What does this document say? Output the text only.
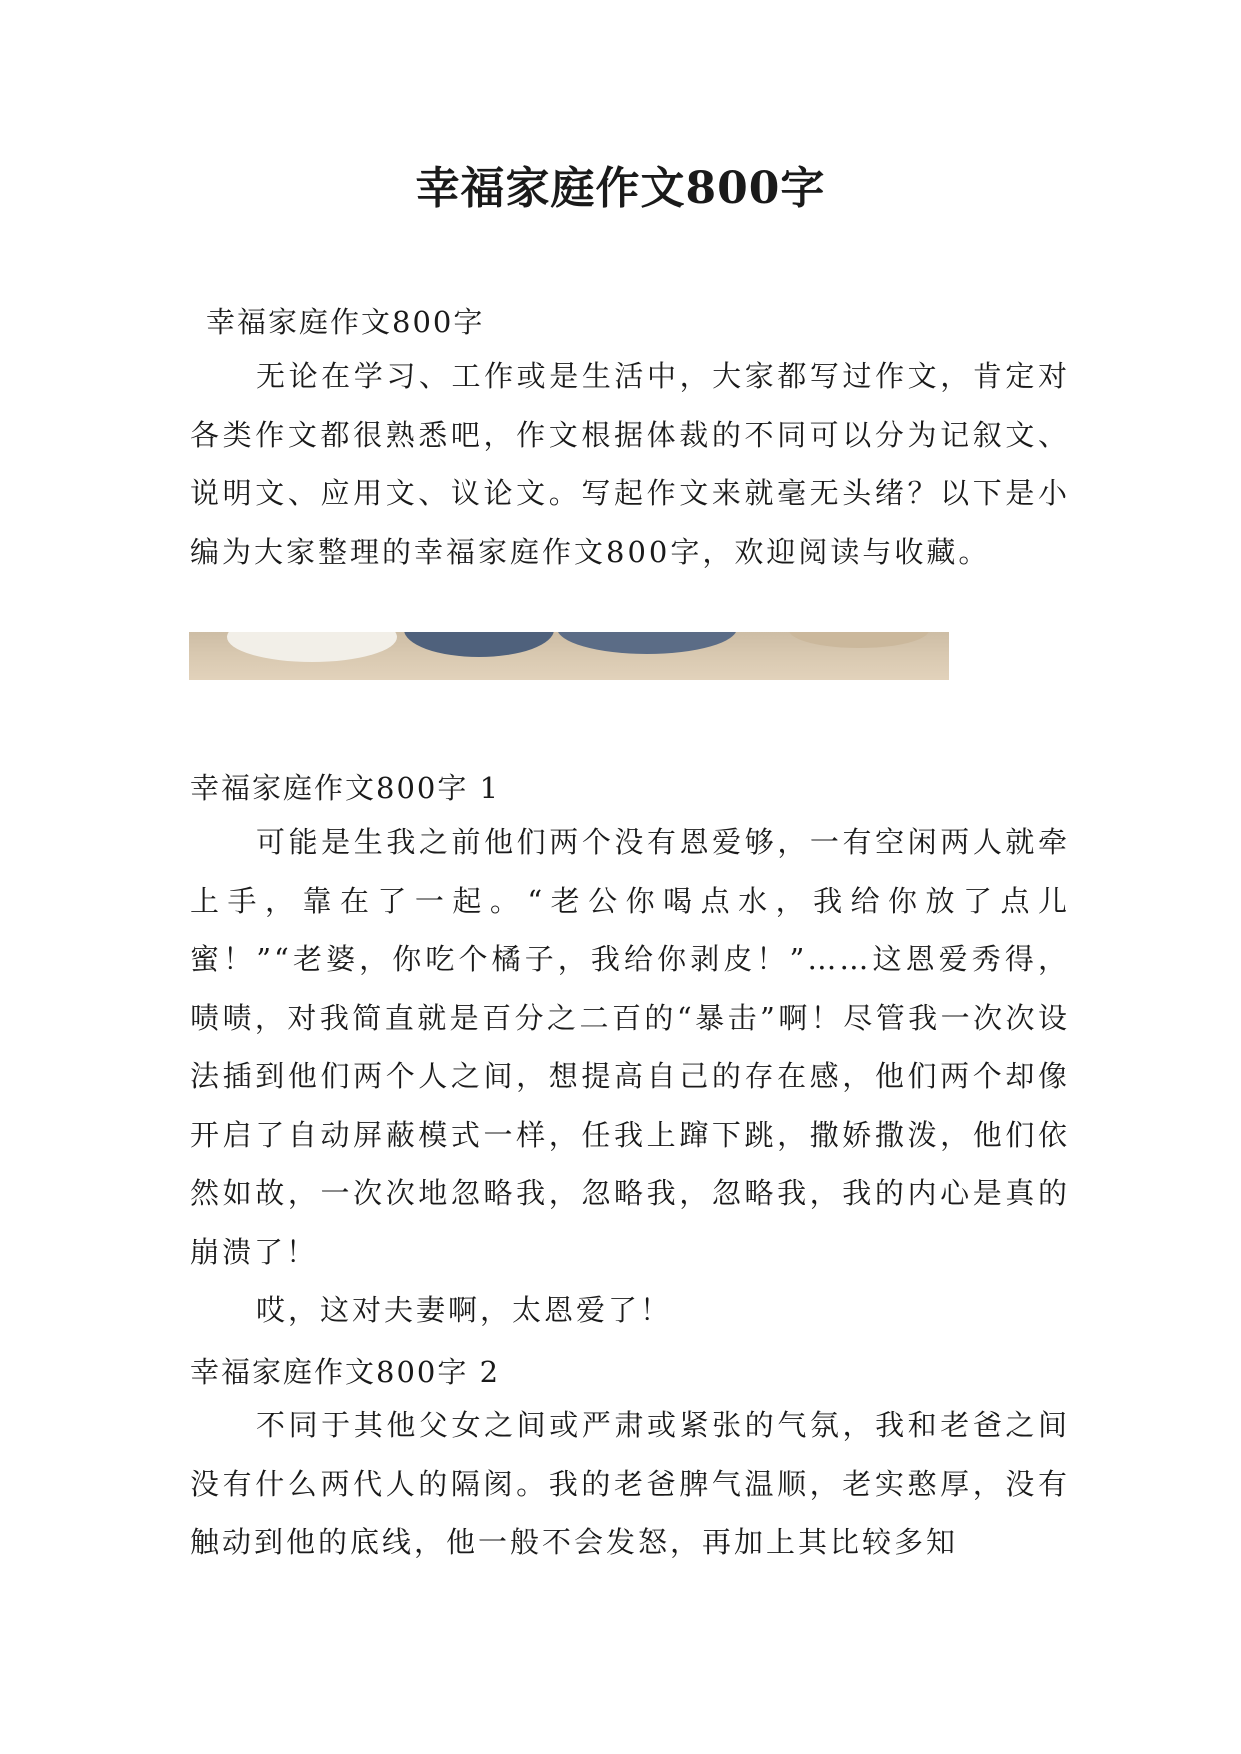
幸福家庭作文800字
幸福家庭作文800字

无论在学习、工作或是生活中，大家都写过作文，肯定对各类作文都很熟悉吧，作文根据体裁的不同可以分为记叙文、说明文、应用文、议论文。写起作文来就毫无头绪？以下是小编为大家整理的幸福家庭作文800字，欢迎阅读与收藏。

幸福家庭作文800字 1

可能是生我之前他们两个没有恩爱够，一有空闲两人就牵上手，靠在了一起。“老公你喝点水，我给你放了点儿蜜！”“老婆，你吃个橘子，我给你剥皮！”……这恩爱秀得，啧啧，对我简直就是百分之二百的“暴击”啊！尽管我一次次设法插到他们两个人之间，想提高自己的存在感，他们两个却像开启了自动屏蔽模式一样，任我上蹿下跳，撒娇撒泼，他们依然如故，一次次地忽略我，忽略我，忽略我，我的内心是真的崩溃了！

哎，这对夫妻啊，太恩爱了！

幸福家庭作文800字 2

不同于其他父女之间或严肃或紧张的气氛，我和老爸之间没有什么两代人的隔阂。我的老爸脾气温顺，老实憨厚，没有触动到他的底线，他一般不会发怒，再加上其比较多知
